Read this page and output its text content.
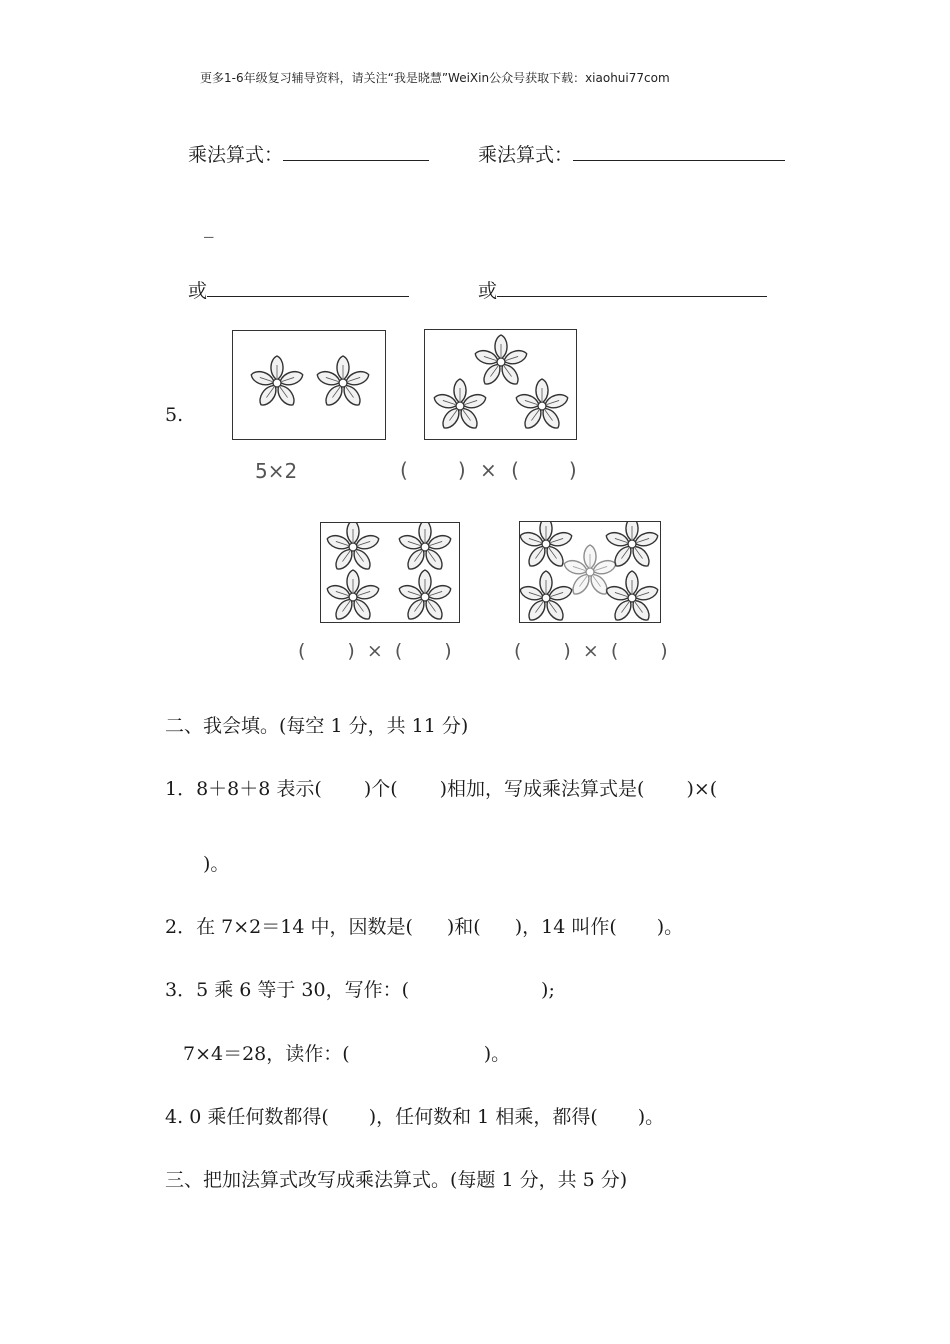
更多1-6年级复习辅导资料，请关注“我是晓慧”WeiXin公众号获取下载：xiaohui77com
乘法算式：	乘法算式：
_
或	或
5.
5×2	(	) × (	)
( ) × ( )	( ) × ( )
二、我会填。(每空 1 分，共 11 分)
1．8＋8＋8 表示( )个( )相加，写成乘法算式是( )×(
)。
2．在 7×2＝14 中，因数是( )和( )，14 叫作( )。
3．5 乘 6 等于 30，写作：(	);
7×4＝28，读作：(	)。
4. 0 乘任何数都得( )，任何数和 1 相乘，都得( )。
三、把加法算式改写成乘法算式。(每题 1 分，共 5 分)
